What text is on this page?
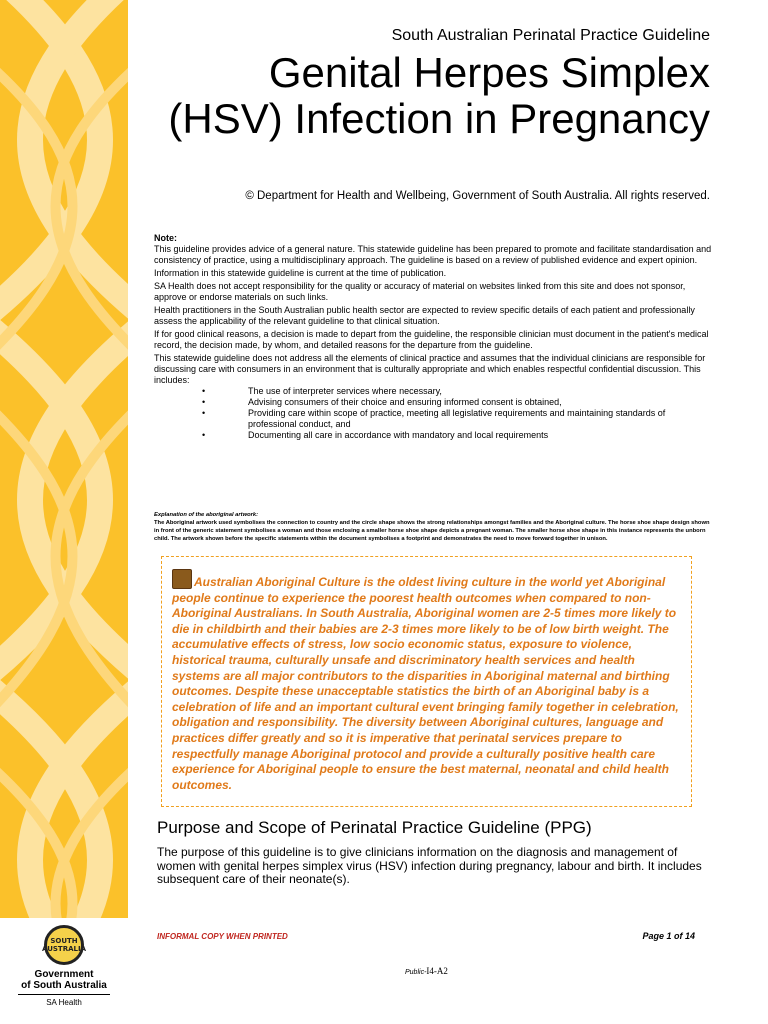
SOUTH AUSTRALIA
Government
of South Australia
SA Health
South Australian Perinatal Practice Guideline
Genital Herpes Simplex (HSV) Infection in Pregnancy
© Department for Health and Wellbeing, Government of South Australia. All rights reserved.

Note:

This guideline provides advice of a general nature. This statewide guideline has been prepared to promote and facilitate standardisation and consistency of practice, using a multidisciplinary approach. The guideline is based on a review of published evidence and expert opinion.

Information in this statewide guideline is current at the time of publication.

SA Health does not accept responsibility for the quality or accuracy of material on websites linked from this site and does not sponsor, approve or endorse materials on such links.

Health practitioners in the South Australian public health sector are expected to review specific details of each patient and professionally assess the applicability of the relevant guideline to that clinical situation.

If for good clinical reasons, a decision is made to depart from the guideline, the responsible clinician must document in the patient's medical record, the decision made, by whom, and detailed reasons for the departure from the guideline.

This statewide guideline does not address all the elements of clinical practice and assumes that the individual clinicians are responsible for discussing care with consumers in an environment that is culturally appropriate and which enables respectful confidential discussion. This includes:

•	The use of interpreter services where necessary,
•	Advising consumers of their choice and ensuring informed consent is obtained,
•	Providing care within scope of practice, meeting all legislative requirements and maintaining standards of professional conduct, and
•	Documenting all care in accordance with mandatory and local requirements
Explanation of the aboriginal artwork:
The Aboriginal artwork used symbolises the connection to country and the circle shape shows the strong relationships amongst families and the Aboriginal culture. The horse shoe shape design shown in front of the generic statement symbolises a woman and those enclosing a smaller horse shoe shape depicts a pregnant woman. The smaller horse shoe shape in this instance represents the unborn child. The artwork shown before the specific statements within the document symbolises a footprint and demonstrates the need to move forward together in unison.
Australian Aboriginal Culture is the oldest living culture in the world yet Aboriginal people continue to experience the poorest health outcomes when compared to non-Aboriginal Australians. In South Australia, Aboriginal women are 2-5 times more likely to die in childbirth and their babies are 2-3 times more likely to be of low birth weight. The accumulative effects of stress, low socio economic status, exposure to violence, historical trauma, culturally unsafe and discriminatory health services and health systems are all major contributors to the disparities in Aboriginal maternal and birthing outcomes. Despite these unacceptable statistics the birth of an Aboriginal baby is a celebration of life and an important cultural event bringing family together in celebration, obligation and responsibility. The diversity between Aboriginal cultures, language and practices differ greatly and so it is imperative that perinatal services prepare to respectfully manage Aboriginal protocol and provide a culturally positive health care experience for Aboriginal people to ensure the best maternal, neonatal and child health outcomes.
Purpose and Scope of Perinatal Practice Guideline (PPG)
The purpose of this guideline is to give clinicians information on the diagnosis and management of women with genital herpes simplex virus (HSV) infection during pregnancy, labour and birth. It includes subsequent care of their neonate(s).
INFORMAL COPY WHEN PRINTED	Page 1 of 14
Public-I4-A2
